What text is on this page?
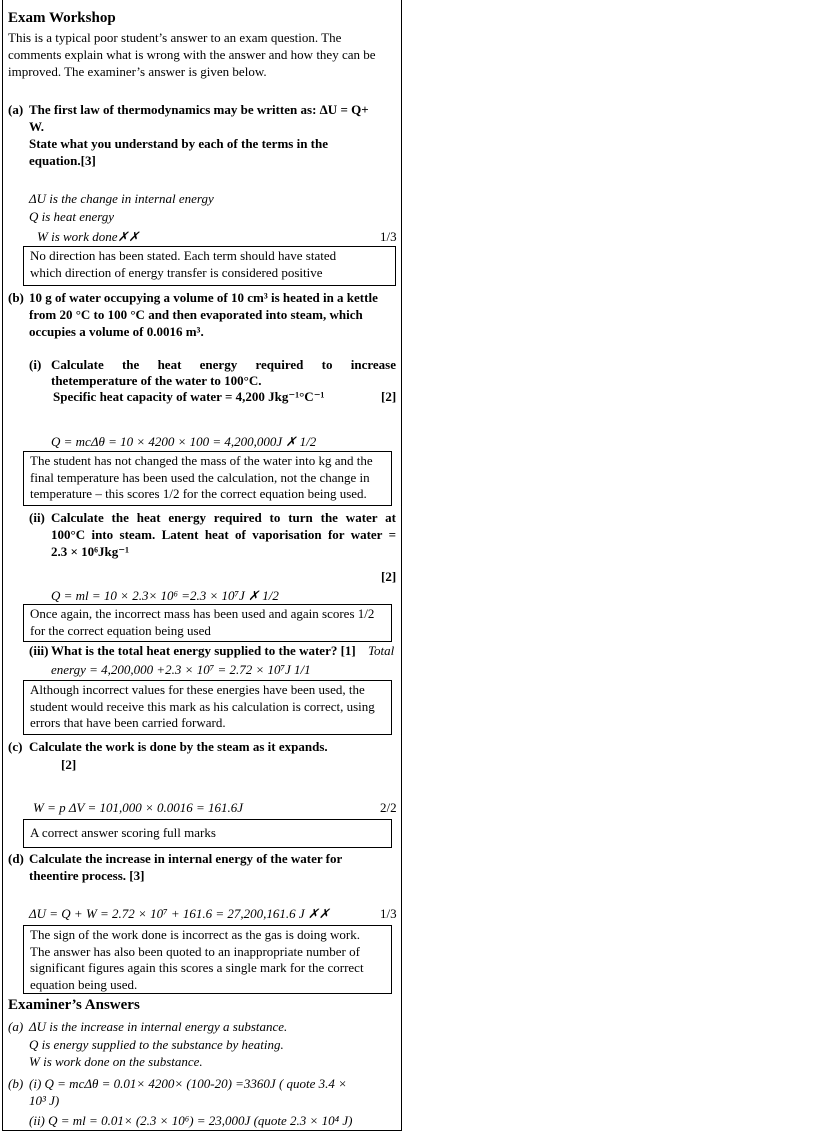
Exam Workshop
This is a typical poor student’s answer to an exam question. The
comments explain what is wrong with the answer and how they can be
improved. The examiner’s answer is given below.
(a) The first law of thermodynamics may be written as: ΔU = Q+
W.
State what you understand by each of the terms in the
equation.[3]
ΔU is the change in internal energy
Q is heat energy
W is work done✗✗	1/3
No direction has been stated. Each term should have stated
which direction of energy transfer is considered positive
(b) 10 g of water occupying a volume of 10 cm³ is heated in a kettle
from 20 °C to 100 °C and then evaporated into steam, which
occupies a volume of 0.0016 m³.
(i) Calculate the heat energy required to increase
thetemperature of the water to 100°C.
Specific heat capacity of water = 4,200 Jkg⁻¹°C⁻¹	[2]
Q = mcΔθ = 10 × 4200 × 100 = 4,200,000J ✗ 1/2
The student has not changed the mass of the water into kg and the
final temperature has been used the calculation, not the change in
temperature – this scores 1/2 for the correct equation being used.
(ii) Calculate the heat energy required to turn the water at
100°C into steam. Latent heat of vaporisation for water =
2.3 × 10⁶Jkg⁻¹
[2]
Q = ml = 10 × 2.3× 10⁶ =2.3 × 10⁷J ✗ 1/2
Once again, the incorrect mass has been used and again scores 1/2
for the correct equation being used
(iii) What is the total heat energy supplied to the water? [1] Total
energy = 4,200,000 +2.3 × 10⁷ = 2.72 × 10⁷J 1/1
Although incorrect values for these energies have been used, the
student would receive this mark as his calculation is correct, using
errors that have been carried forward.
(c) Calculate the work is done by the steam as it expands.
[2]
W = p ΔV = 101,000 × 0.0016 = 161.6J	2/2
A correct answer scoring full marks
(d) Calculate the increase in internal energy of the water for
theentire process. [3]
ΔU = Q + W = 2.72 × 10⁷ + 161.6 = 27,200,161.6 J ✗✗	1/3
The sign of the work done is incorrect as the gas is doing work.
The answer has also been quoted to an inappropriate number of
significant figures again this scores a single mark for the correct
equation being used.
Examiner’s Answers
(a) ΔU is the increase in internal energy a substance.
Q is energy supplied to the substance by heating.
W is work done on the substance.
(b) (i) Q = mcΔθ = 0.01× 4200× (100-20) =3360J ( quote 3.4 ×
10³ J)
(ii) Q = ml = 0.01× (2.3 × 10⁶) = 23,000J (quote 2.3 × 10⁴ J)
